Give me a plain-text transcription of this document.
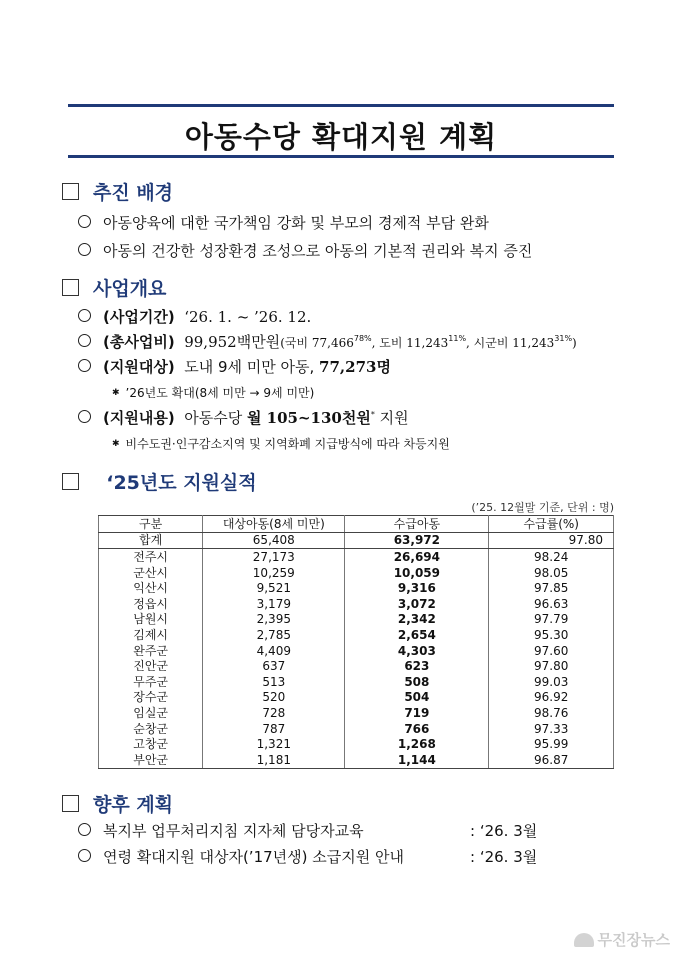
아동수당 확대지원 계획
추진 배경
아동양육에 대한 국가책임 강화 및 부모의 경제적 부담 완화
아동의 건강한 성장환경 조성으로 아동의 기본적 권리와 복지 증진
사업개요
(사업기간) ‘26. 1. ~ ’26. 12.
(총사업비) 99,952백만원(국비 $77,466^{78\%}$, 도비 $11,243^{11\%}$, 시군비 $11,243^{31\%}$)
(지원대상) 도내 9세 미만 아동, 77,273명
✱ ’26년도 확대(8세 미만 → 9세 미만)
(지원내용) 아동수당 월 105~130천원* 지원
✱ 비수도권·인구감소지역 및 지역화폐 지급방식에 따라 차등지원
‘25년도 지원실적
(’25. 12월말 기준, 단위 : 명)
구분	대상아동(8세 미만)	수급아동	수급률(%)
합계	65,408	63,972	97.80
전주시	27,173	26,694	98.24
군산시	10,259	10,059	98.05
익산시	9,521	9,316	97.85
정읍시	3,179	3,072	96.63
남원시	2,395	2,342	97.79
김제시	2,785	2,654	95.30
완주군	4,409	4,303	97.60
진안군	637	623	97.80
무주군	513	508	99.03
장수군	520	504	96.92
임실군	728	719	98.76
순창군	787	766	97.33
고창군	1,321	1,268	95.99
부안군	1,181	1,144	96.87
향후 계획
복지부 업무처리지침 지자체 담당자교육	: ‘26. 3월
연령 확대지원 대상자(’17년생) 소급지원 안내	: ‘26. 3월
무진장뉴스
